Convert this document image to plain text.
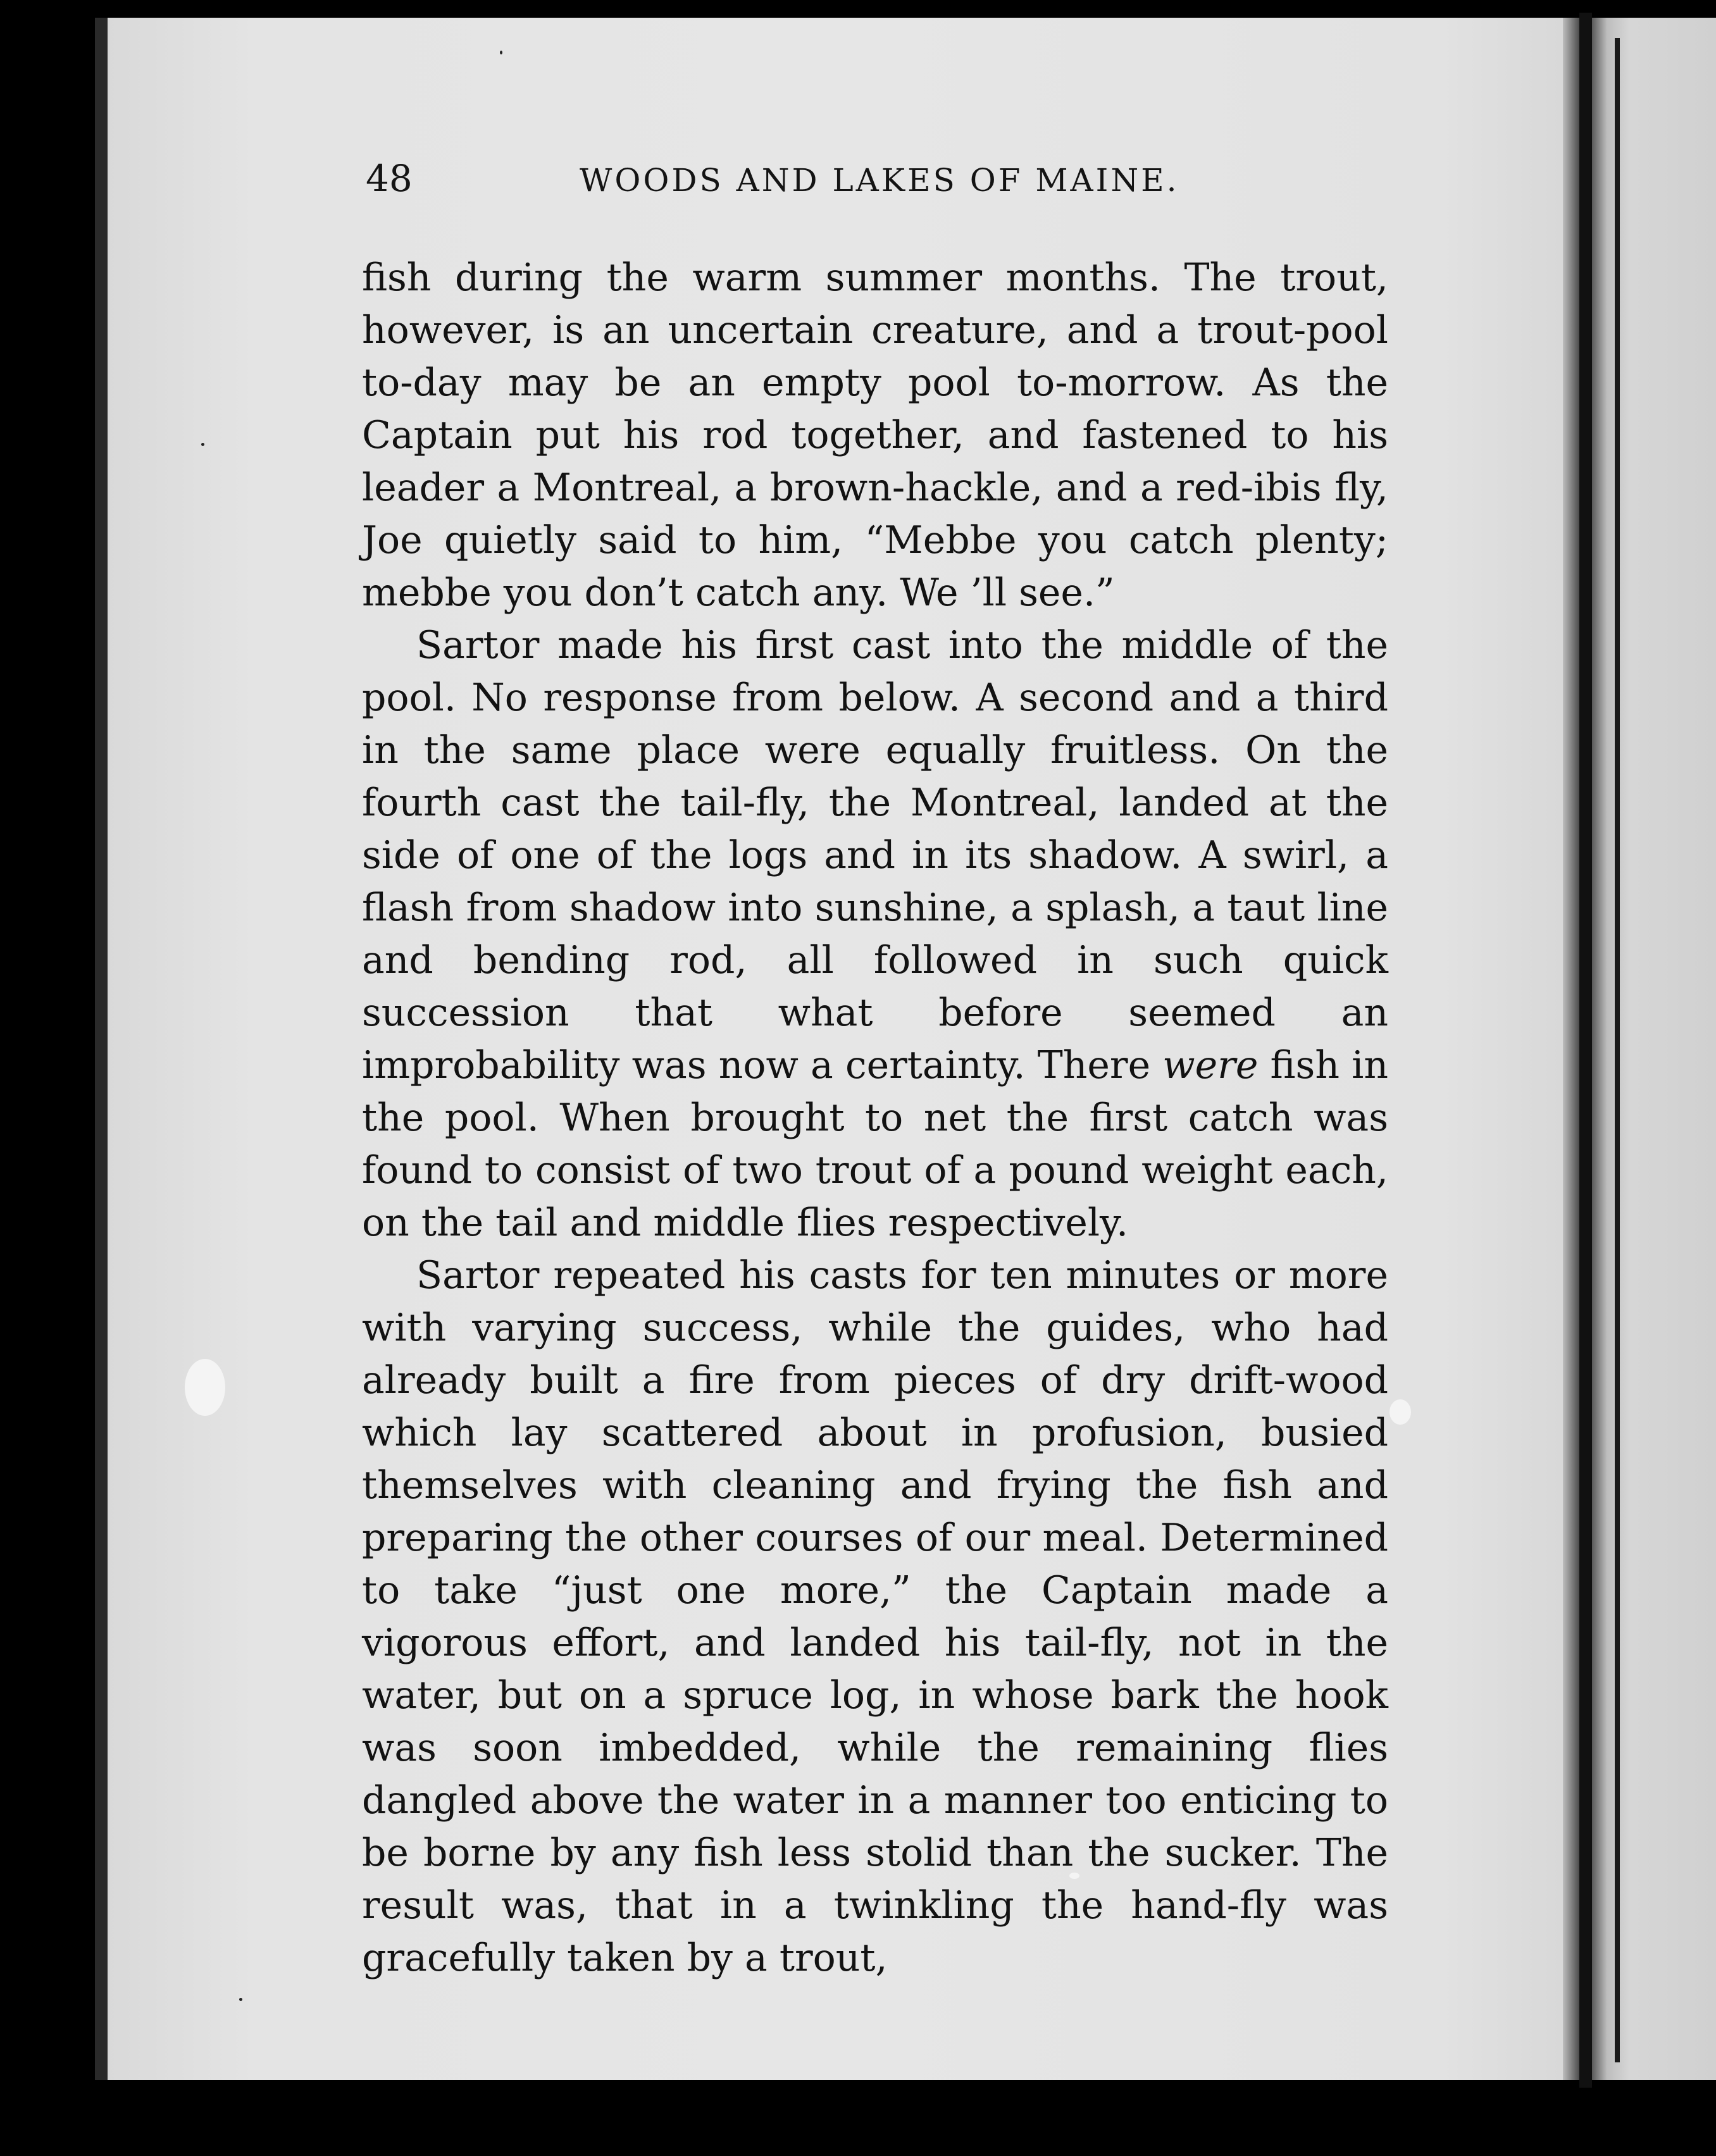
48	WOODS AND LAKES OF MAINE.

fish during the warm summer months. The trout, however, is an uncertain creature, and a trout-pool to-day may be an empty pool to-morrow. As the Captain put his rod together, and fastened to his leader a Montreal, a brown-hackle, and a red-ibis fly, Joe quietly said to him, “Mebbe you catch plenty; mebbe you don’t catch any. We ’ll see.”

Sartor made his first cast into the middle of the pool. No response from below. A second and a third in the same place were equally fruitless. On the fourth cast the tail-fly, the Montreal, landed at the side of one of the logs and in its shadow. A swirl, a flash from shadow into sunshine, a splash, a taut line and bending rod, all followed in such quick succession that what before seemed an improbability was now a certainty. There were fish in the pool. When brought to net the first catch was found to consist of two trout of a pound weight each, on the tail and middle flies respectively.

Sartor repeated his casts for ten minutes or more with varying success, while the guides, who had already built a fire from pieces of dry drift-wood which lay scattered about in profusion, busied themselves with cleaning and frying the fish and preparing the other courses of our meal. Determined to take “just one more,” the Captain made a vigorous effort, and landed his tail-fly, not in the water, but on a spruce log, in whose bark the hook was soon imbedded, while the remaining flies dangled above the water in a manner too enticing to be borne by any fish less stolid than the sucker. The result was, that in a twinkling the hand-fly was gracefully taken by a trout,
